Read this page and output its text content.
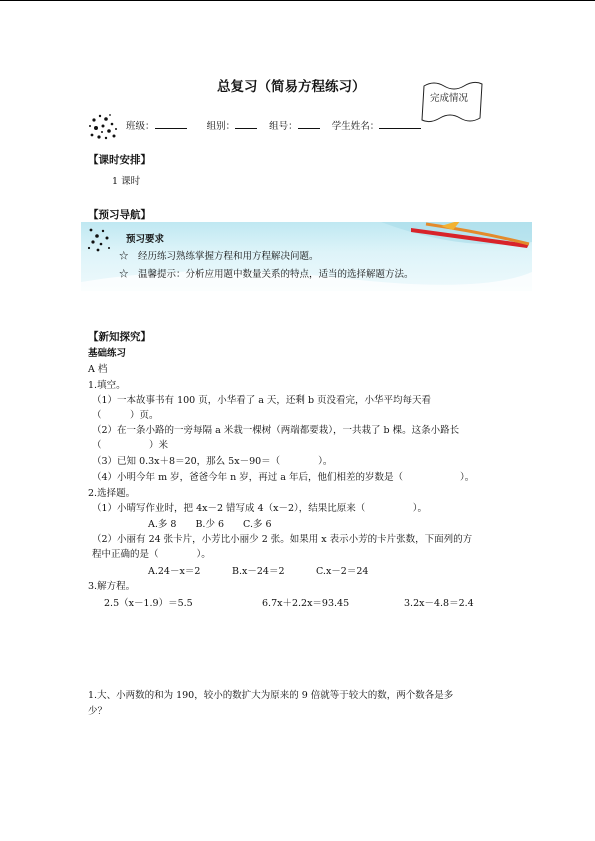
总复习（简易方程练习）
完成情况
班级：	组别：	组号：	学生姓名：
【课时安排】
1 课时
【预习导航】
预习要求
☆　经历练习熟练掌握方程和用方程解决问题。
☆　温馨提示：分析应用题中数量关系的特点，适当的选择解题方法。
【新知探究】
基础练习
A 档
1.填空。
（1）一本故事书有 100 页，小华看了 a 天，还剩 b 页没看完，小华平均每天看
（　　　）页。
（2）在一条小路的一旁每隔 a 米栽一棵树（两端都要栽），一共栽了 b 棵。这条小路长
（　　　　　）米
（3）已知 0.3x＋8＝20，那么 5x－90＝（　　　　）。
（4）小明今年 m 岁，爸爸今年 n 岁，再过 a 年后，他们相差的岁数是（　　　　　　）。
2.选择题。
（1）小晴写作业时，把 4x－2 错写成 4（x－2），结果比原来（　　　　　）。
A.多 8　　B.少 6　　C.多 6
（2）小丽有 24 张卡片，小芳比小丽少 2 张。如果用 x 表示小芳的卡片张数，下面列的方
程中正确的是（　　　　）。
A.24－x＝2	B.x－24＝2	C.x－2＝24
3.解方程。
2.5（x－1.9）＝5.5	6.7x＋2.2x＝93.45	3.2x－4.8＝2.4
1.大、小两数的和为 190，较小的数扩大为原来的 9 倍就等于较大的数，两个数各是多
少？
